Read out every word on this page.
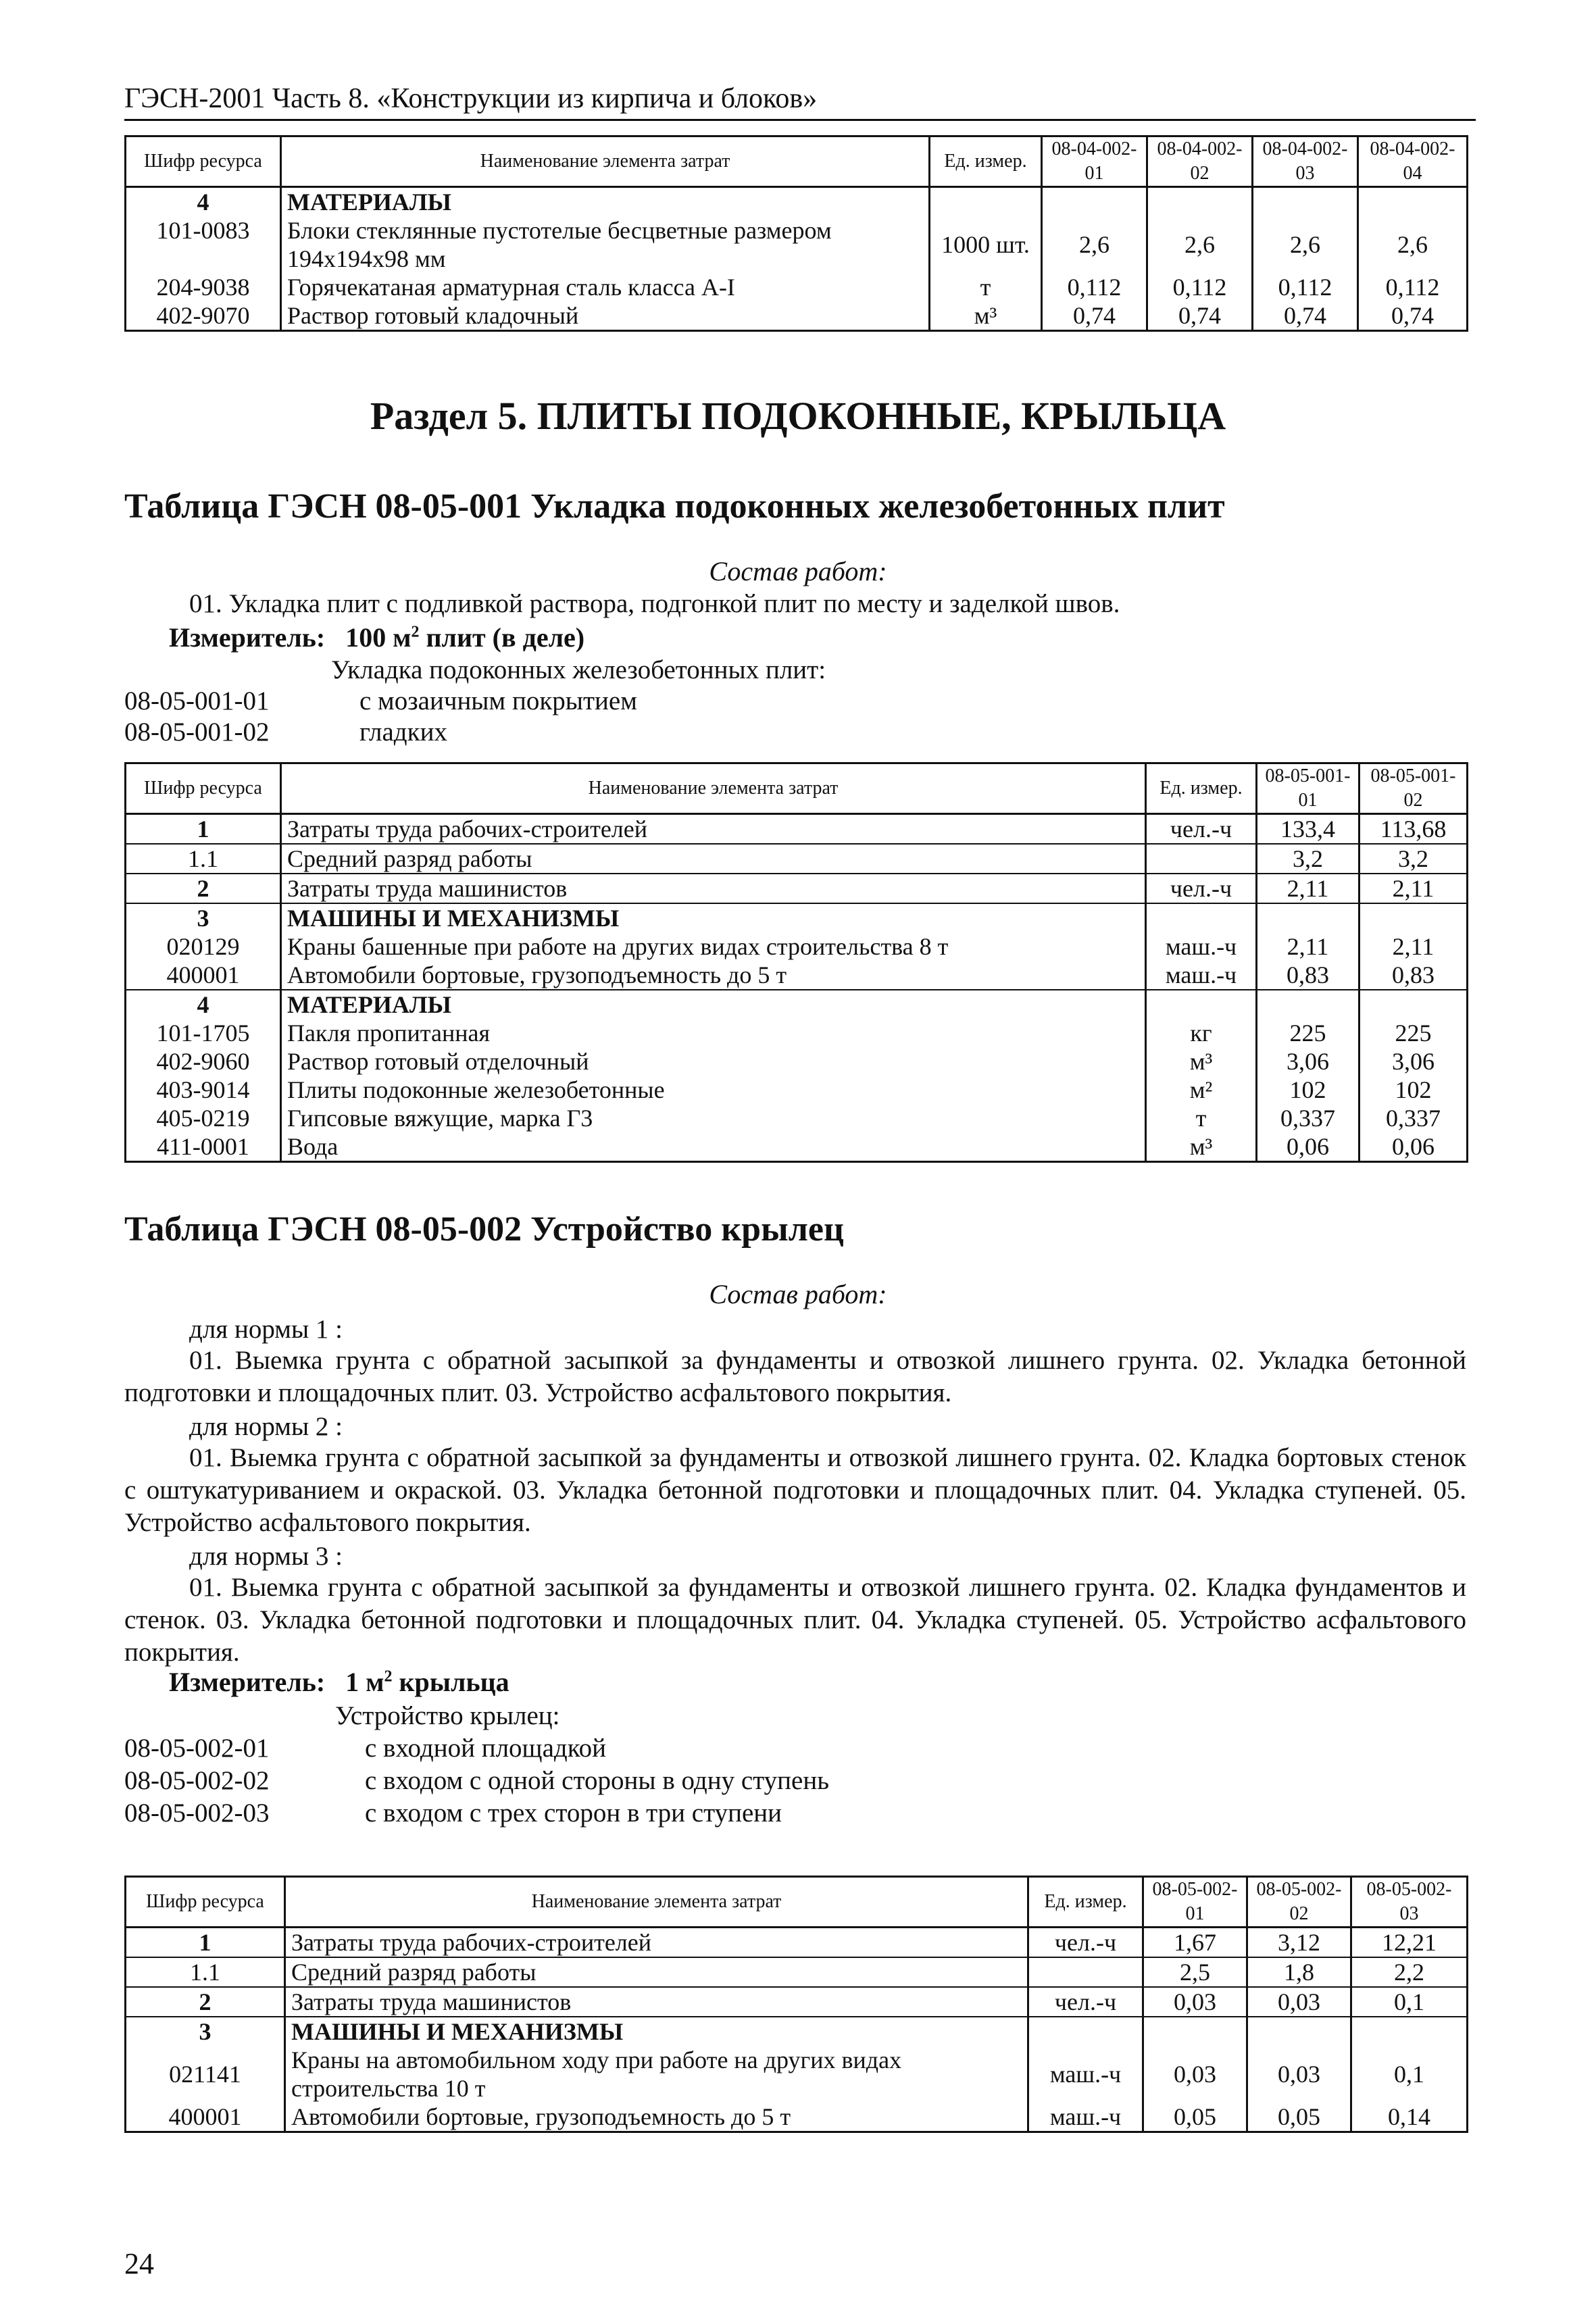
ГЭСН-2001 Часть 8. «Конструкции из кирпича и блоков»
Шифр ресурса	Наименование элемента затрат	Ед. измер.	08-04-002-01	08-04-002-02	08-04-002-03	08-04-002-04
4	МАТЕРИАЛЫ					
101-0083	Блоки стеклянные пустотелые бесцветные размером 194x194x98 мм	1000 шт.	2,6	2,6	2,6	2,6
204-9038	Горячекатаная арматурная сталь класса А-I	т	0,112	0,112	0,112	0,112
402-9070	Раствор готовый кладочный	м³	0,74	0,74	0,74	0,74
Раздел 5. ПЛИТЫ ПОДОКОННЫЕ, КРЫЛЬЦА
Таблица ГЭСН 08-05-001 Укладка подоконных железобетонных плит
Состав работ:
01. Укладка плит с подливкой раствора, подгонкой плит по месту и заделкой швов.
Измеритель: 100 $м^2$ плит (в деле)
Укладка подоконных железобетонных плит:
08-05-001-01	с мозаичным покрытием
08-05-001-02	гладких
Шифр ресурса	Наименование элемента затрат	Ед. измер.	08-05-001-01	08-05-001-02
1	Затраты труда рабочих-строителей	чел.-ч	133,4	113,68
1.1	Средний разряд работы		3,2	3,2
2	Затраты труда машинистов	чел.-ч	2,11	2,11
3	МАШИНЫ И МЕХАНИЗМЫ			
020129	Краны башенные при работе на других видах строительства 8 т	маш.-ч	2,11	2,11
400001	Автомобили бортовые, грузоподъемность до 5 т	маш.-ч	0,83	0,83
4	МАТЕРИАЛЫ			
101-1705	Пакля пропитанная	кг	225	225
402-9060	Раствор готовый отделочный	м³	3,06	3,06
403-9014	Плиты подоконные железобетонные	м²	102	102
405-0219	Гипсовые вяжущие, марка Г3	т	0,337	0,337
411-0001	Вода	м³	0,06	0,06
Таблица ГЭСН 08-05-002 Устройство крылец
Состав работ:
для нормы 1 :
01. Выемка грунта с обратной засыпкой за фундаменты и отвозкой лишнего грунта. 02. Укладка бетонной подготовки и площадочных плит. 03. Устройство асфальтового покрытия.
для нормы 2 :
01. Выемка грунта с обратной засыпкой за фундаменты и отвозкой лишнего грунта. 02. Кладка бортовых стенок с оштукатуриванием и окраской. 03. Укладка бетонной подготовки и площадочных плит. 04. Укладка ступеней. 05. Устройство асфальтового покрытия.
для нормы 3 :
01. Выемка грунта с обратной засыпкой за фундаменты и отвозкой лишнего грунта. 02. Кладка фундаментов и стенок. 03. Укладка бетонной подготовки и площадочных плит. 04. Укладка ступеней. 05. Устройство асфальтового покрытия.
Измеритель: 1 $м^2$ крыльца
Устройство крылец:
08-05-002-01	с входной площадкой
08-05-002-02	с входом с одной стороны в одну ступень
08-05-002-03	с входом с трех сторон в три ступени
Шифр ресурса	Наименование элемента затрат	Ед. измер.	08-05-002-01	08-05-002-02	08-05-002-03
1	Затраты труда рабочих-строителей	чел.-ч	1,67	3,12	12,21
1.1	Средний разряд работы		2,5	1,8	2,2
2	Затраты труда машинистов	чел.-ч	0,03	0,03	0,1
3	МАШИНЫ И МЕХАНИЗМЫ				
021141	Краны на автомобильном ходу при работе на других видах строительства 10 т	маш.-ч	0,03	0,03	0,1
400001	Автомобили бортовые, грузоподъемность до 5 т	маш.-ч	0,05	0,05	0,14
24
